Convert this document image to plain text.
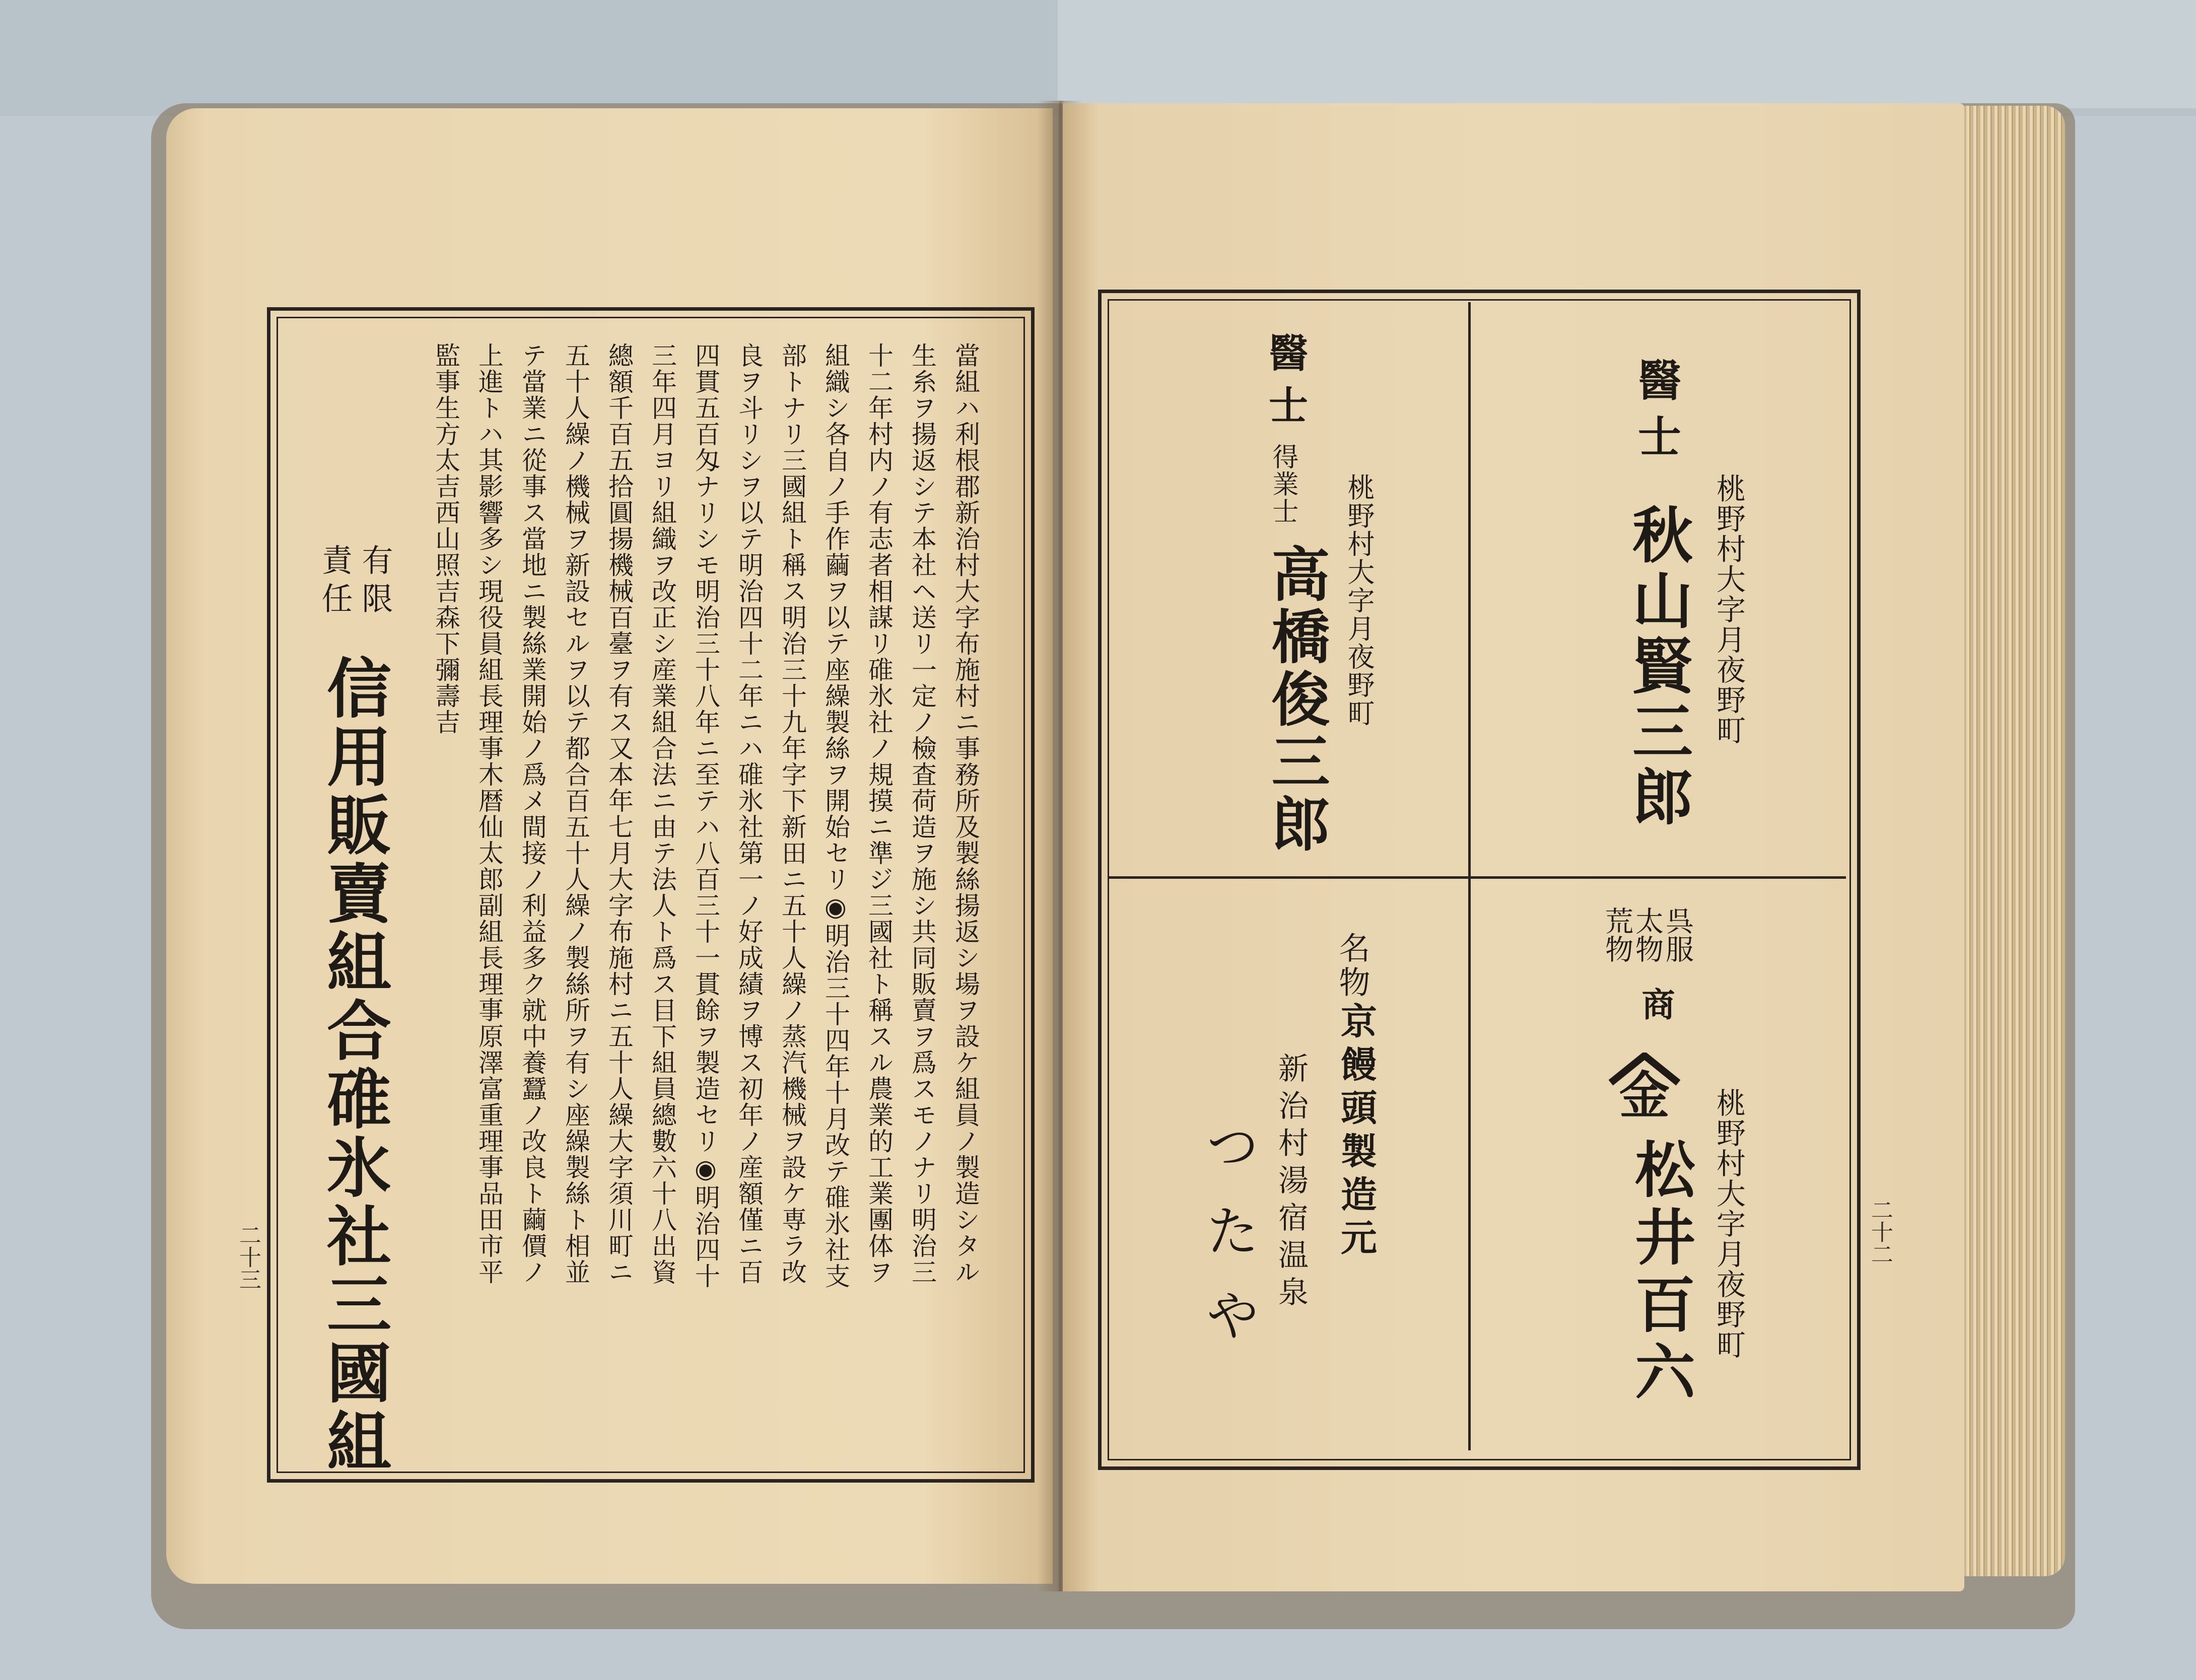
當組ハ利根郡新治村大字布施村ニ事務所及製絲揚返シ場ヲ設ケ組員ノ製造シタル
生糸ヲ揚返シテ本社ヘ送リ一定ノ檢査荷造ヲ施シ共同販賣ヲ爲スモノナリ明治三
十二年村内ノ有志者相謀リ碓氷社ノ規摸ニ準ジ三國社ト稱スル農業的工業團体ヲ
組織シ各自ノ手作繭ヲ以テ座繰製絲ヲ開始セリ◉明治三十四年十月改テ碓氷社支
部トナリ三國組ト稱ス明治三十九年字下新田ニ五十人繰ノ蒸汽機械ヲ設ケ専ラ改
良ヲ斗リシヲ以テ明治四十二年ニハ碓氷社第一ノ好成績ヲ博ス初年ノ産額僅ニ百
四貫五百匁ナリシモ明治三十八年ニ至テハ八百三十一貫餘ヲ製造セリ◉明治四十
三年四月ヨリ組織ヲ改正シ産業組合法ニ由テ法人ト爲ス目下組員總數六十八出資
總額千百五拾圓揚機械百臺ヲ有ス又本年七月大字布施村ニ五十人繰大字須川町ニ
五十人繰ノ機械ヲ新設セルヲ以テ都合百五十人繰ノ製絲所ヲ有シ座繰製絲ト相並
テ當業ニ從事ス當地ニ製絲業開始ノ爲メ間接ノ利益多ク就中養蠶ノ改良ト繭價ノ
上進トハ其影響多シ現役員組長理事木暦仙太郎副組長理事原澤富重理事品田市平
監事生方太吉西山照吉森下彌壽吉
有限
責任
信用販賣組合碓氷社三國組
二十三
桃野村大字月夜野町
醫士
秋山賢三郎
醫士
得業士 桃野村大字月夜野町
高橋俊三郎
呉服
太物
荒物
商
桃野村大字月夜野町
金
松井百六
名物
京饅頭製造元
新治村湯宿温泉
つたや	二十二
